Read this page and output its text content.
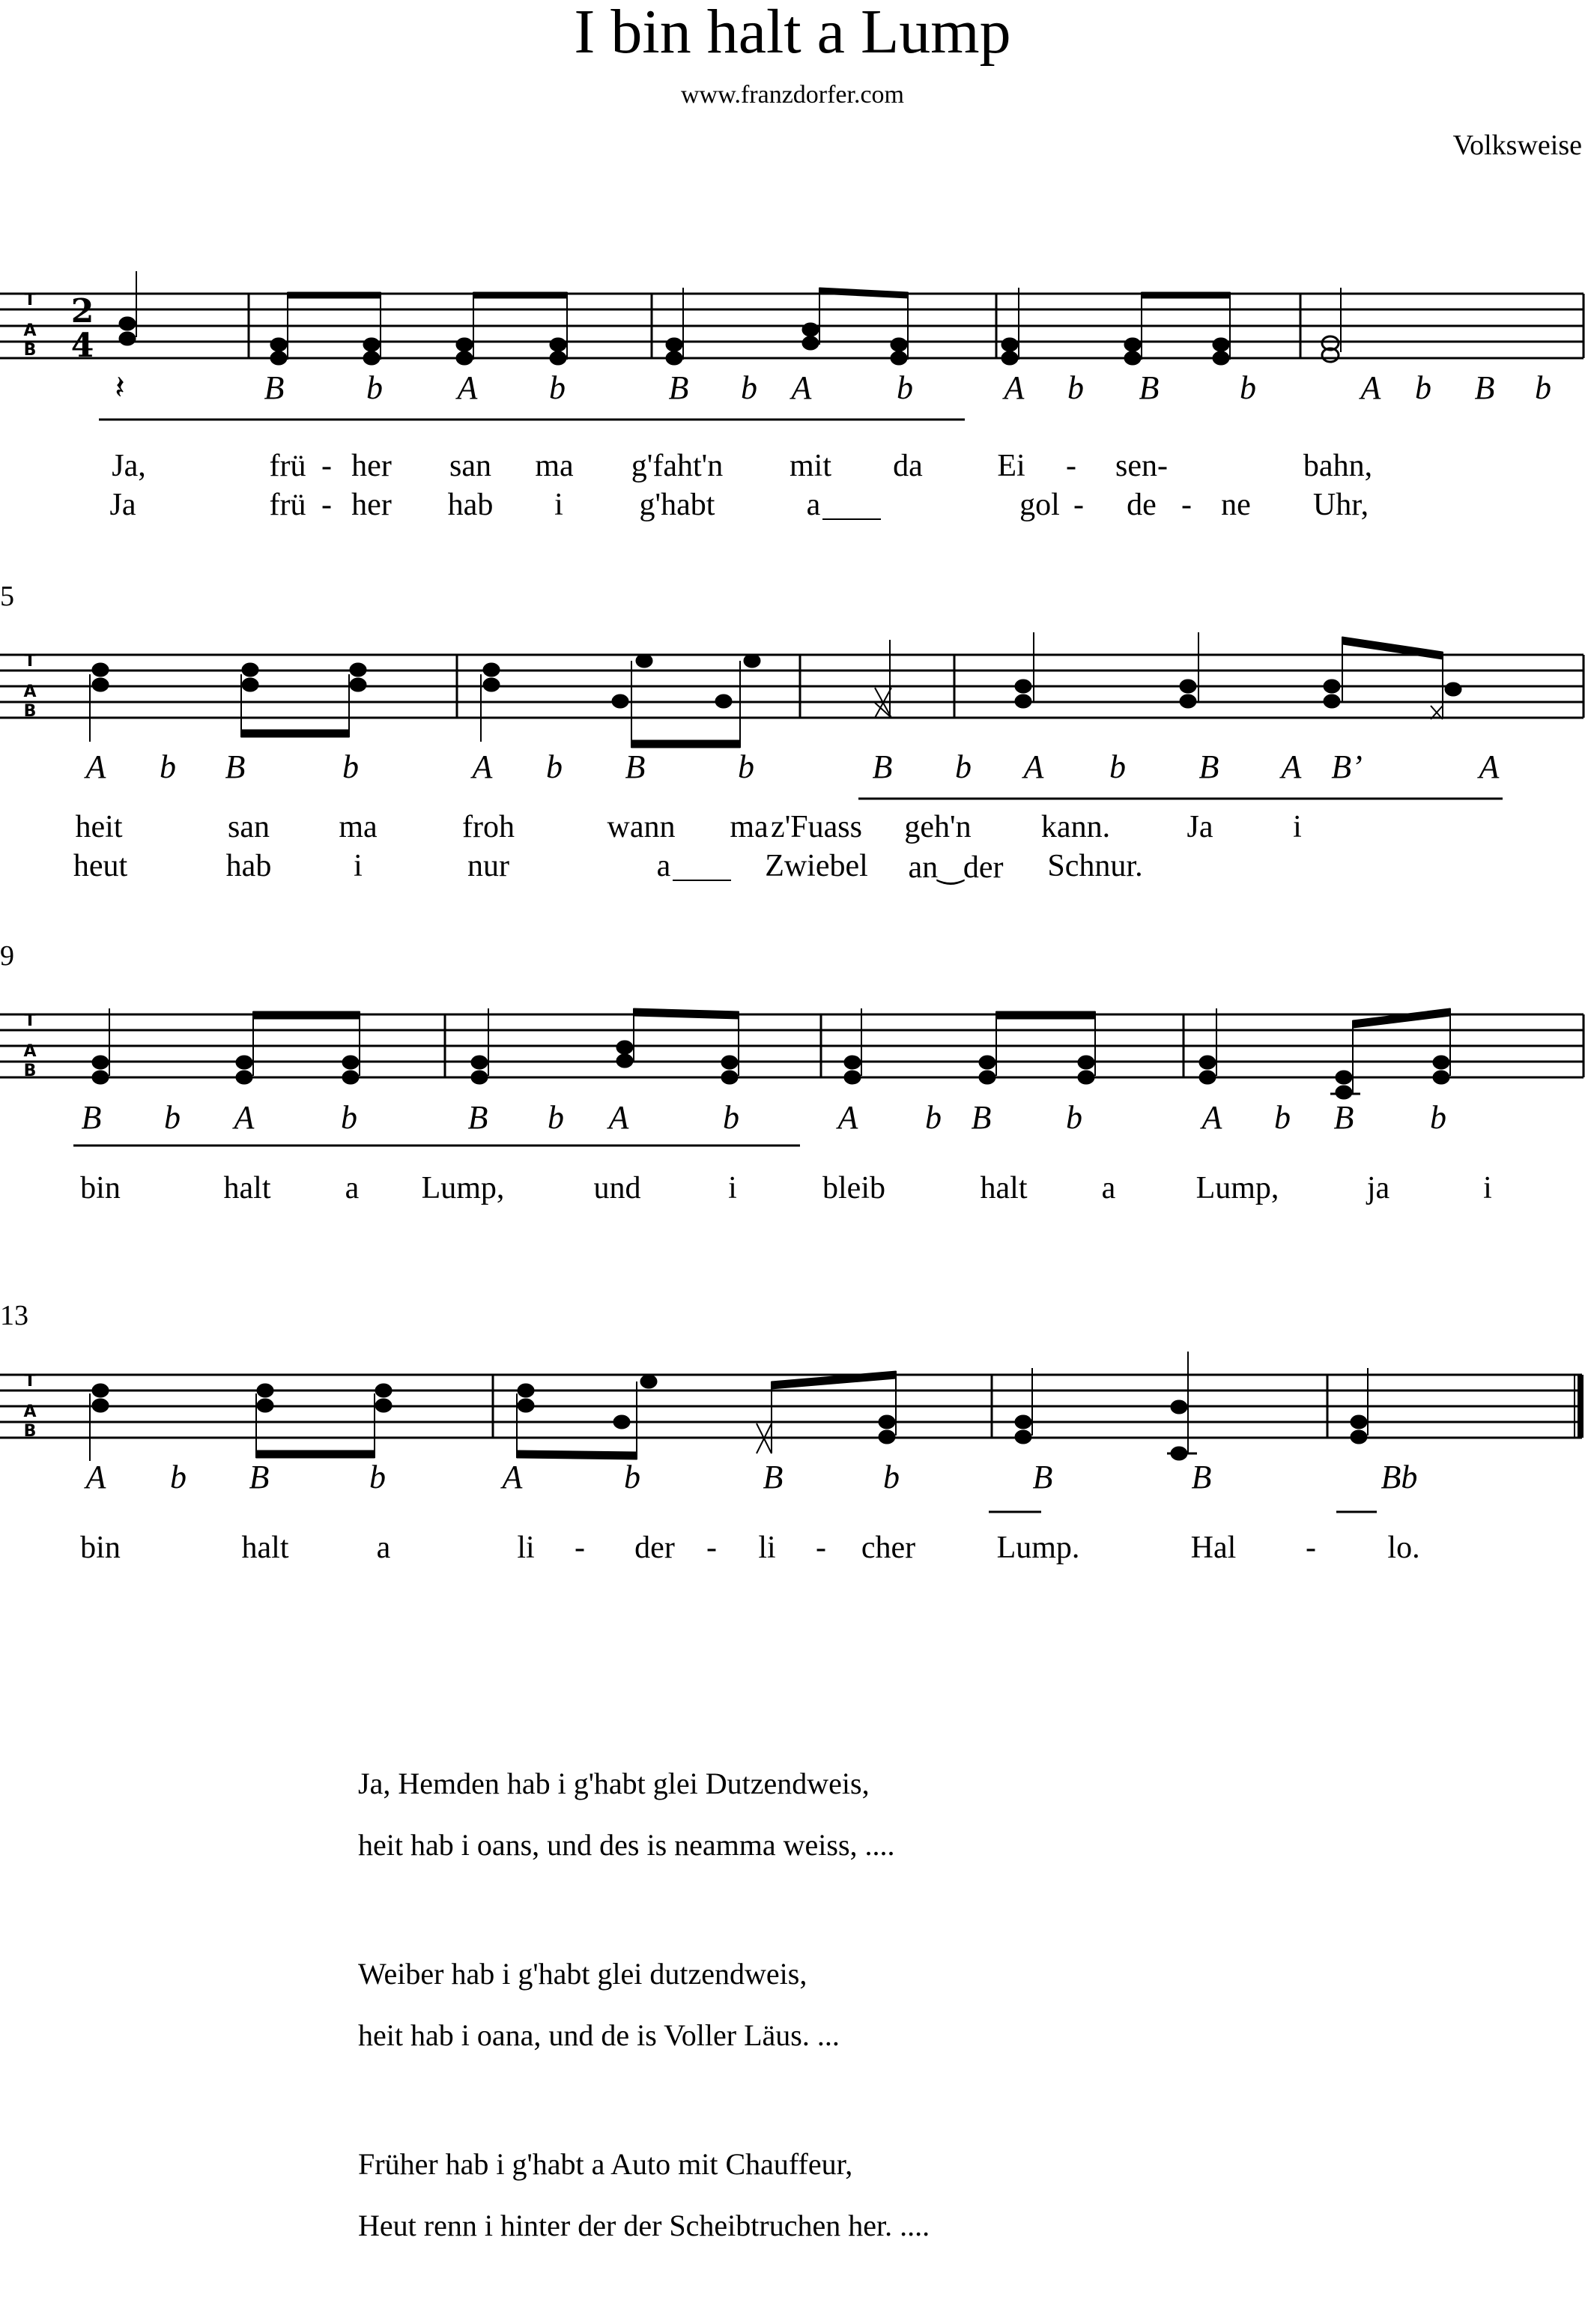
I bin halt a Lump
www.franzdorfer.com
Volksweise
T
A
B
2
4
𝄽	B b A b	B b A	b	A b B b	A b B b
Ja,	frü - her san ma g'faht'n mit da Ei - sen-	bahn,
Ja	frü - her hab i g'habt	a	gol - de - ne Uhr,
5
T
A
B
A b B	b	A b B	b	B b A b B A B’	A
heit	san ma	froh	wann ma z'Fuass geh'n kann. Ja	i
heut	hab	i	nur	a	Zwiebel an‿der Schnur.
9
T
A
B
B b A	b	B b A	b	A b B b	A b B b
bin	halt a Lump,	und	i	bleib	halt a	Lump,	ja	i
13
T
A
B
A b B	b	A	b	B	b	B	B	Bb
bin	halt	a	li - der - li - cher	Lump.	Hal - lo.
Ja, Hemden hab i g'habt glei Dutzendweis,
heit hab i oans, und des is neamma weiss, ....
Weiber hab i g'habt glei dutzendweis,
heit hab i oana, und de is Voller Läus. ...
Früher hab i g'habt a Auto mit Chauffeur,
Heut renn i hinter der der Scheibtruchen her. ....
